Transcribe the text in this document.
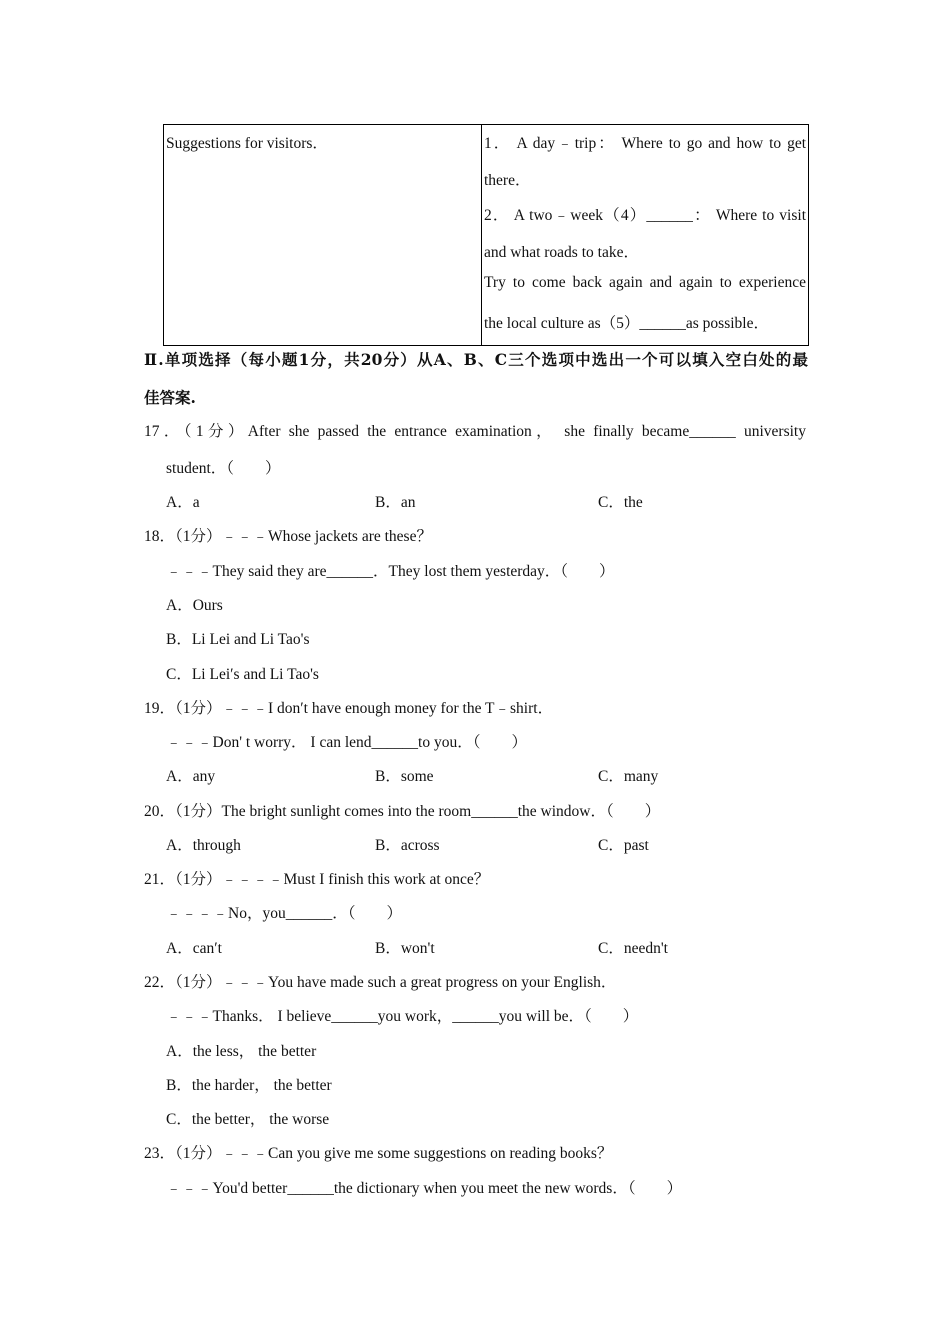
Suggestions for visitors．	1． A day﹣trip： Where to go and how to get
there．
2． A two﹣week（4）______： Where to visit
and what roads to take．
Try to come back again and again to experience
the local culture as（5）______as possible．
Ⅱ.单项选择（每小题1分，共20分）从A、B、C三个选项中选出一个可以填入空白处的最
佳答案.
17．（1分）After she passed the entrance examination， she finally became______ university
student．（　　）
A．a	B．an	C．the
18．（1分）﹣﹣﹣Whose jackets are these？
﹣﹣﹣They said they are______．They lost them yesterday．（　　）
A．Ours
B．Li Lei and Li Tao's
C．Li Lei′s and Li Tao's
19．（1分）﹣﹣﹣I don′t have enough money for the T﹣shirt．
﹣﹣﹣Don' t worry． I can lend______to you．（　　）
A．any	B．some	C．many
20．（1分）The bright sunlight comes into the room______the window．（　　）
A．through	B．across	C．past
21．（1分）﹣﹣﹣﹣Must I finish this work at once？
﹣﹣﹣﹣No，you______．（　　）
A．can′t	B．won't	C．needn't
22．（1分）﹣﹣﹣You have made such a great progress on your English．
﹣﹣﹣Thanks． I believe______you work，______you will be．（　　）
A．the less， the better
B．the harder， the better
C．the better， the worse
23．（1分）﹣﹣﹣Can you give me some suggestions on reading books？
﹣﹣﹣You'd better______the dictionary when you meet the new words．（　　）
